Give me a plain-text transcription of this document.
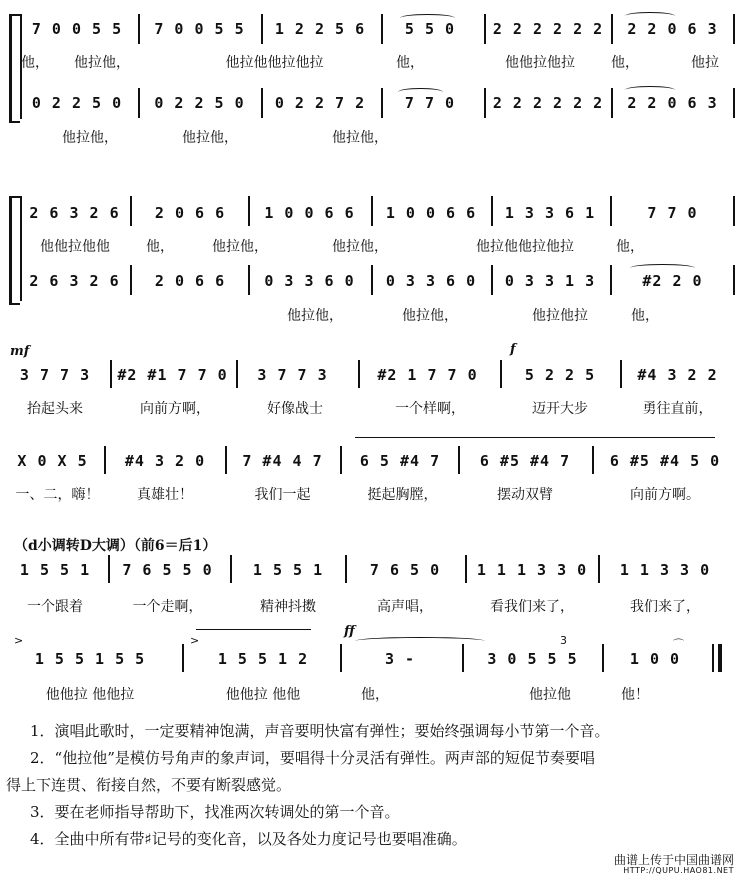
7 0 0 5 5	7 0 0 5 5	1 2 2 5 6	5 5 0	2 2 2 2 2 2	2 2 0 6 3
他，	他拉他，	他拉他他拉他拉	他，	他他拉他拉	他，	他拉
0 2 2 5 0	0 2 2 5 0	0 2 2 7 2	7 7 0	2 2 2 2 2 2	2 2 0 6 3
他拉他，	他拉他，	他拉他，
2 6 3 2 6	2 0 6 6	1 0 0 6 6	1 0 0 6 6	1 3 3 6 1	7 7 0
他他拉他他	他，	他拉他，	他拉他，	他拉他他拉他拉	他，
2 6 3 2 6	2 0 6 6	0 3 3 6 0	0 3 3 6 0	0 3 3 1 3	#2 2 0
他拉他，	他拉他，	他拉他拉	他，
mf	f
3 7 7 3	#2 #1 7 7 0	3 7 7 3	#2 1 7 7 0	5 2 2 5	#4 3 2 2
抬起头来	向前方啊，	好像战士	一个样啊，	迈开大步	勇往直前，
X 0 X 5	#4 3 2 0	7 #4 4 7	6 5 #4 7	6 #5 #4 7	6 #5 #4 5 0
一、二，嗨！	真雄壮！	我们一起	挺起胸膛，	摆动双臂	向前方啊。
（d小调转D大调）（前6＝后1）
1 5 5 1	7 6 5 5 0	1 5 5 1	7 6 5 0	1 1 1 3 3 0	1 1 3 3 0
一个跟着	一个走啊，	精神抖擞	高声唱，	看我们来了，	我们来了，
>	>
ff
3
1 5 5 1 5 5	1 5 5 1 2	3 -	3 0 5 5 5	1 0 0
⌒
他他拉 他他拉	他他拉 他他	他，	他拉他	他！
1．演唱此歌时，一定要精神饱满，声音要明快富有弹性；要始终强调每小节第一个音。
2．“他拉他”是模仿号角声的象声词，要唱得十分灵活有弹性。两声部的短促节奏要唱
得上下连贯、衔接自然，不要有断裂感觉。
3．要在老师指导帮助下，找准两次转调处的第一个音。
4．全曲中所有带♯记号的变化音，以及各处力度记号也要唱准确。
曲谱上传于中国曲谱网
HTTP://QUPU.HAO81.NET
